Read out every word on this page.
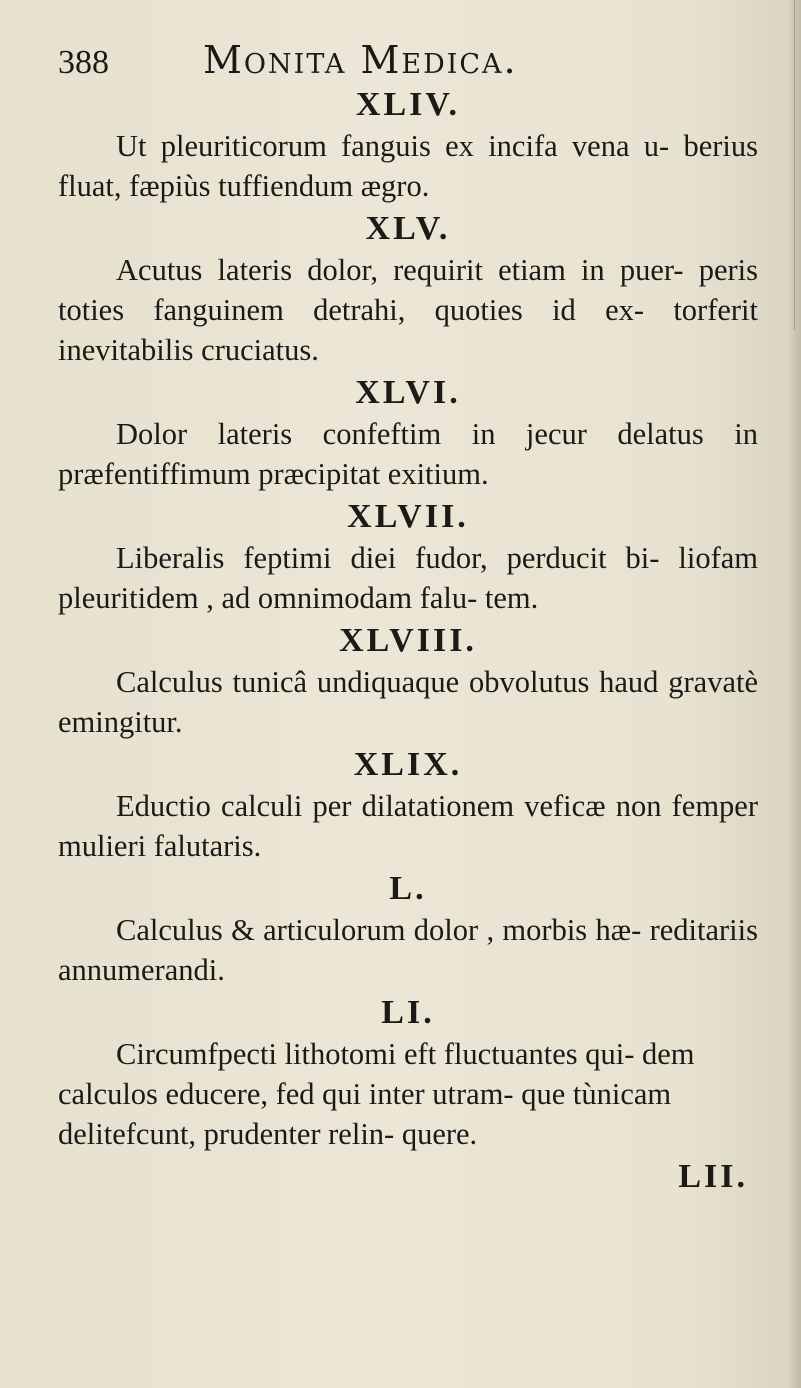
388	Monita Medica.

XLIV.

Ut pleuriticorum fanguis ex incifa vena u- berius fluat, fæpiùs tuffiendum ægro.

XLV.

Acutus lateris dolor, requirit etiam in puer- peris toties fanguinem detrahi, quoties id ex- torferit inevitabilis cruciatus.

XLVI.

Dolor lateris confeftim in jecur delatus in præfentiffimum præcipitat exitium.

XLVII.

Liberalis feptimi diei fudor, perducit bi- liofam pleuritidem , ad omnimodam falu- tem.

XLVIII.

Calculus tunicâ undiquaque obvolutus haud gravatè emingitur.

XLIX.

Eductio calculi per dilatationem veficæ non femper mulieri falutaris.

L.

Calculus & articulorum dolor , morbis hæ- reditariis annumerandi.

LI.

Circumfpecti lithotomi eft fluctuantes qui- dem calculos educere, fed qui inter utram- que tùnicam delitefcunt, prudenter relin- quere.

LII.
